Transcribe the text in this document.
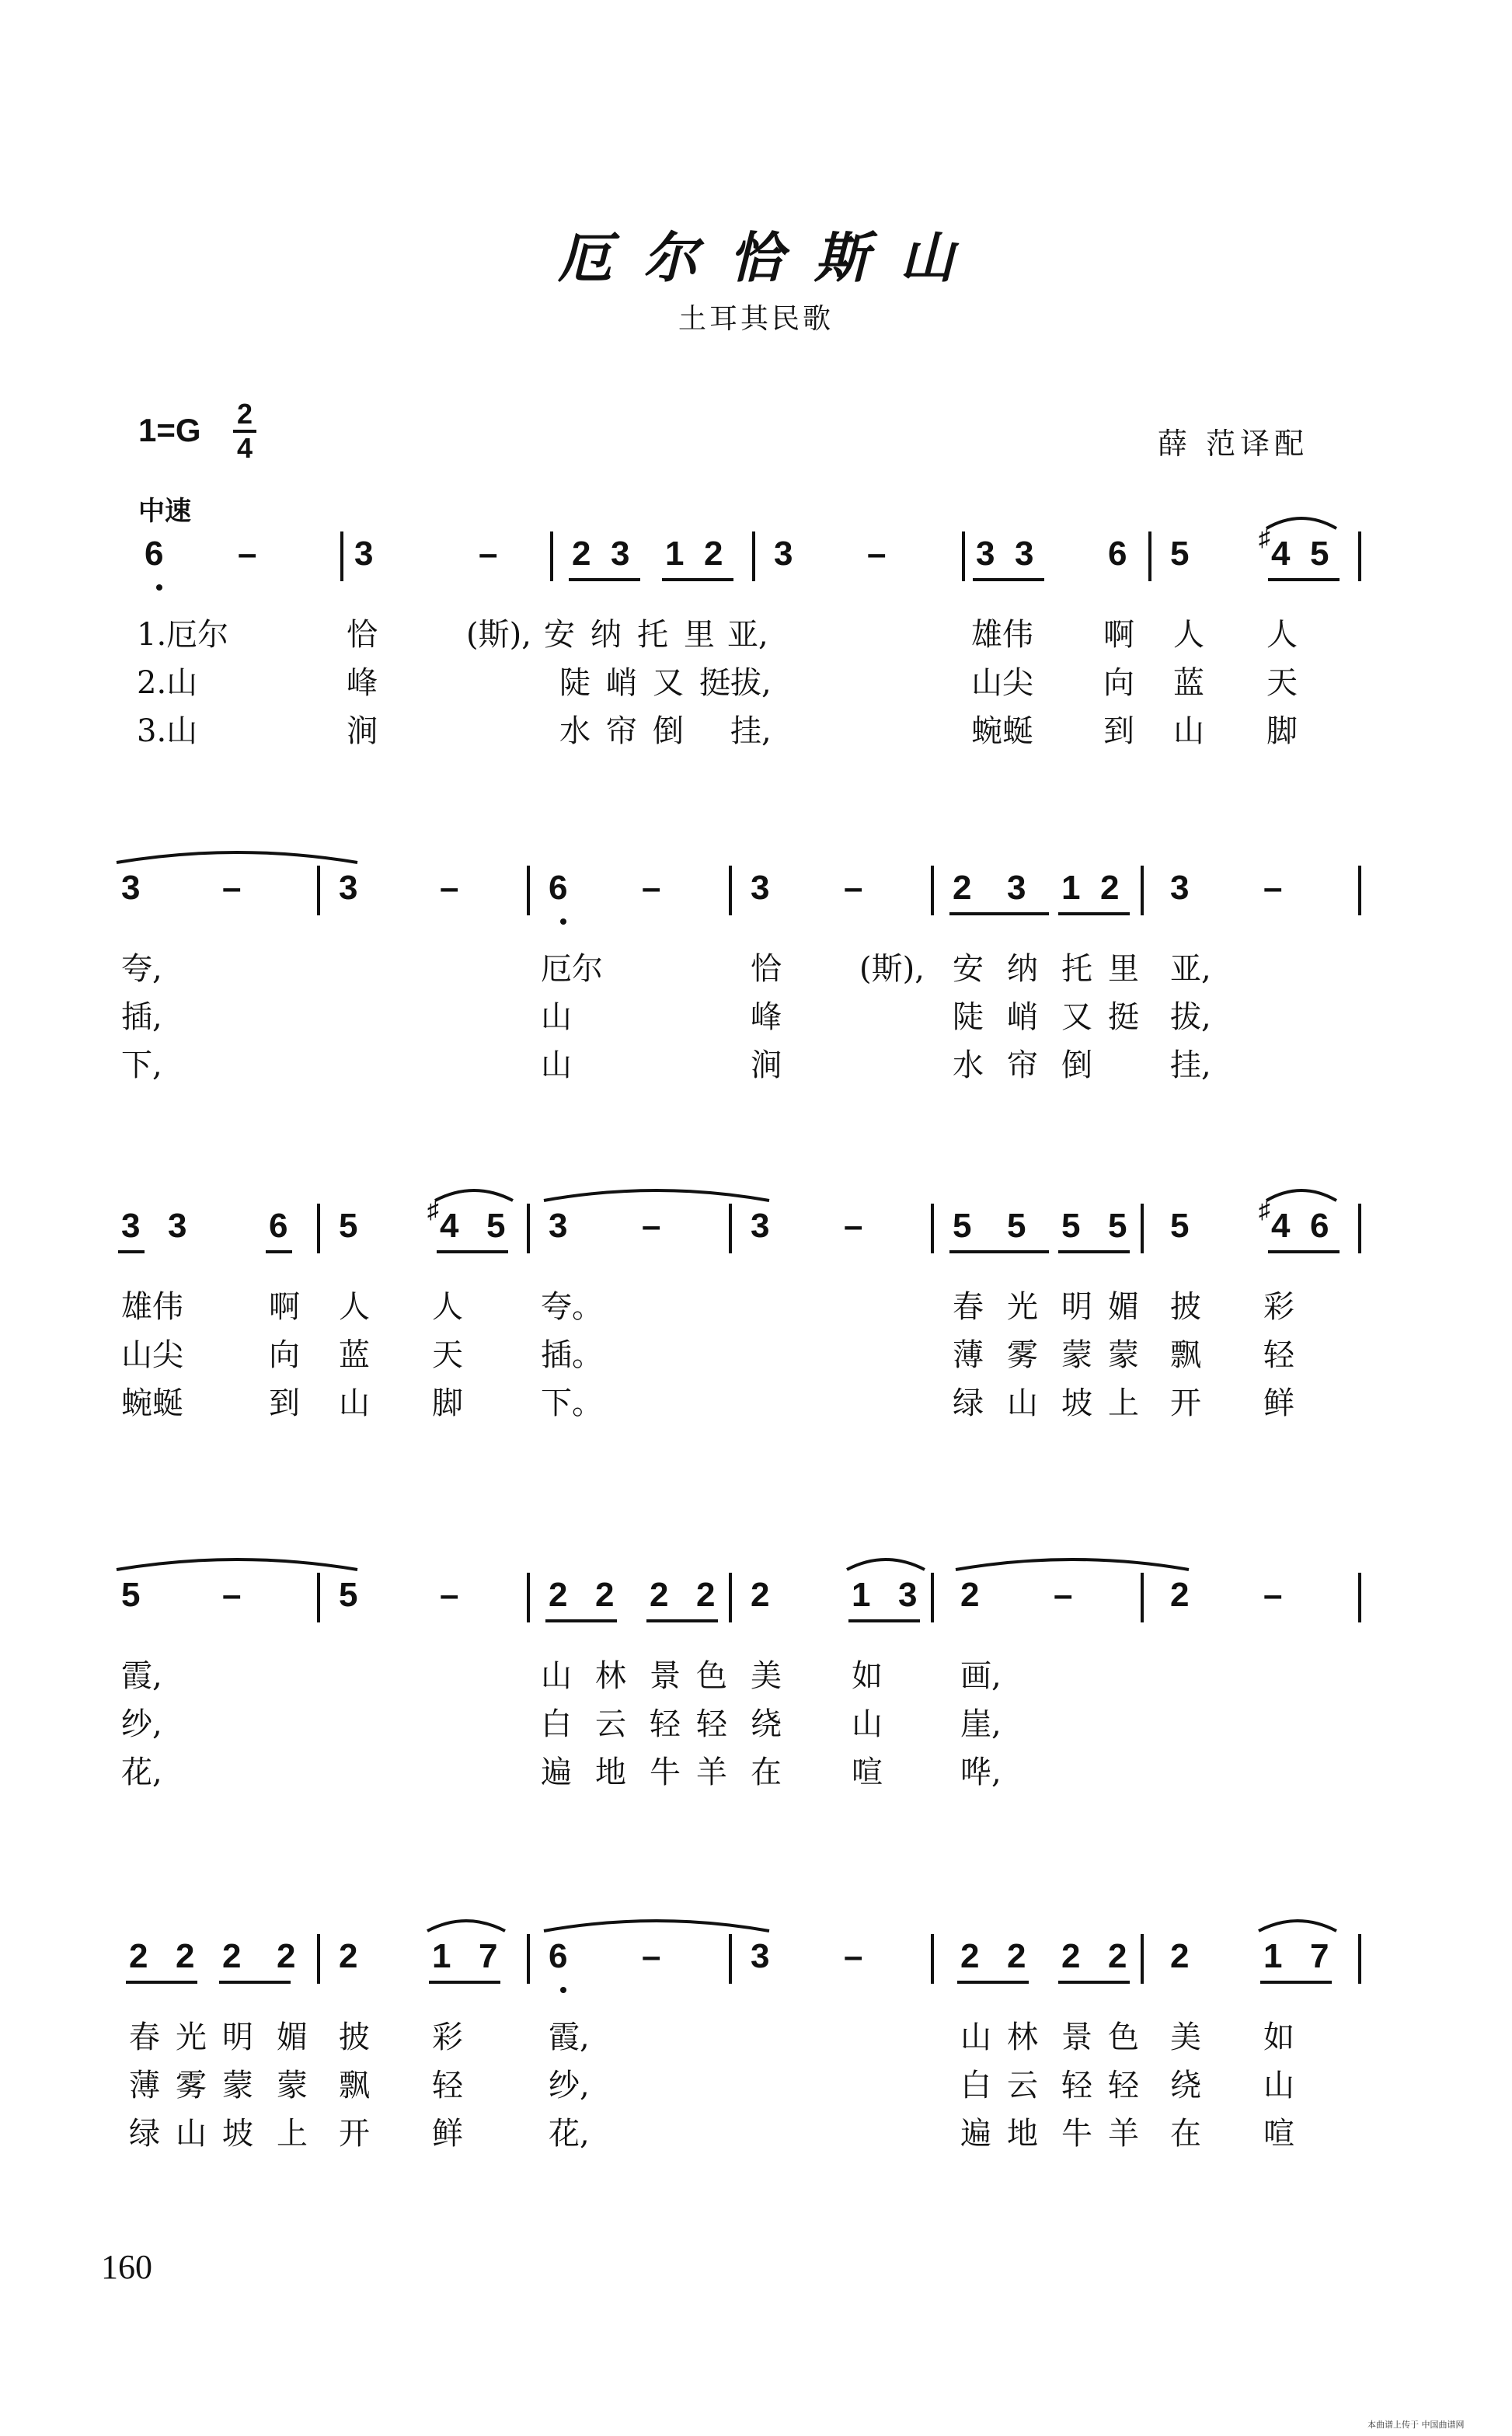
厄尔恰斯山
土耳其民歌
1=G 2
4	薛 范译配
中速
6 –	3	– 2 3 1 2 3 –	3 3 6 5	♯ 4 5
1.厄尔	恰	(斯), 安 纳 托 里 亚,	雄伟 啊 人 人
2.山	峰	陡 峭 又 挺 拔,	山尖 向 蓝 天
3.山	涧	水 帘 倒 挂,	蜿蜒 到 山 脚
3 –	3 –	6 –	3 –	2 3 1 2 3 –
夸,	厄尔	恰	(斯), 安 纳 托 里 亚,
插,	山	峰	陡 峭 又 挺 拔,
下,	山	涧	水 帘 倒	挂,
3 3 6 5	♯ 4 5 3 –	3 –	5 5 5 5 5	♯ 4 6
雄伟	啊 人 人	夸。	春 光 明 媚 披 彩
山尖	向 蓝 天	插。	薄 雾 蒙 蒙 飘 轻
蜿蜒	到 山 脚	下。	绿 山 坡 上 开 鲜
5 –	5 –	2 2 2 2 2 1 3 2 –	2 –
霞,	山 林 景 色 美 如	画,
纱,	白 云 轻 轻 绕 山	崖,
花,	遍 地 牛 羊 在 喧	哗,
2 2 2 2 2 1 7 6 –	3 –	2 2 2 2 2 1 7
春 光 明 媚 披 彩	霞,	山 林 景 色 美 如
薄 雾 蒙 蒙 飘 轻	纱,	白 云 轻 轻 绕 山
绿 山 坡 上 开 鲜	花,	遍 地 牛 羊 在 喧
160
本曲谱上传于 中国曲谱网
